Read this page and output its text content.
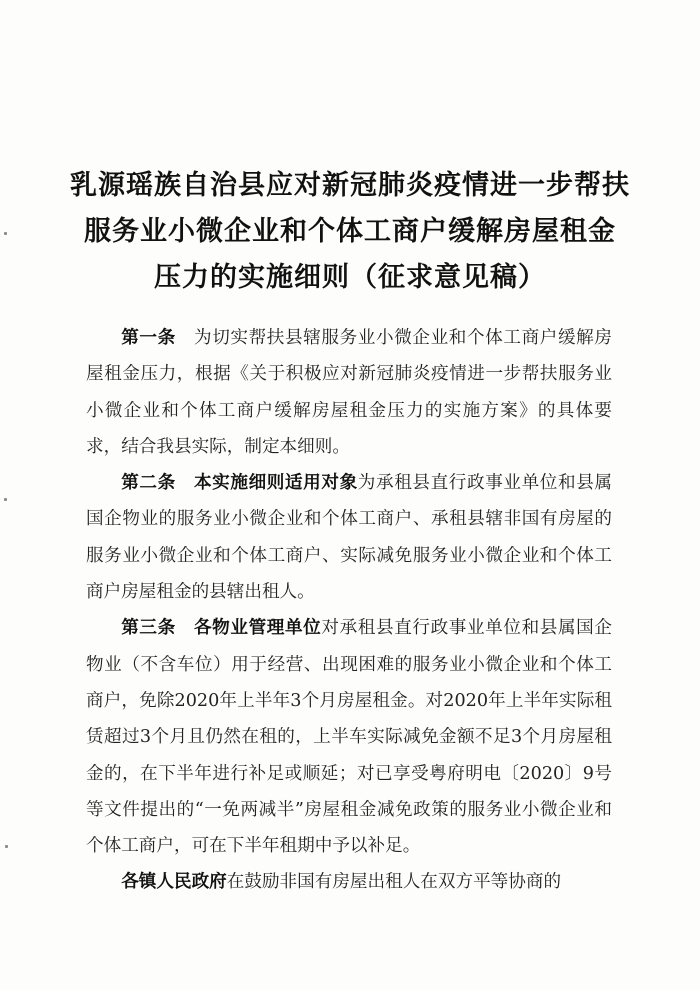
乳源瑶族自治县应对新冠肺炎疫情进一步帮扶
服务业小微企业和个体工商户缓解房屋租金
压力的实施细则（征求意见稿）

第一条　 为切实帮扶县辖服务业小微企业和个体工商户缓解房屋租金压力，根据《关于积极应对新冠肺炎疫情进一步帮扶服务业小微企业和个体工商户缓解房屋租金压力的实施方案》的具体要求，结合我县实际，制定本细则。

第二条　本实施细则适用对象为承租县直行政事业单位和县属国企物业的服务业小微企业和个体工商户、承租县辖非国有房屋的服务业小微企业和个体工商户、实际减免服务业小微企业和个体工商户房屋租金的县辖出租人。

第三条　各物业管理单位对承租县直行政事业单位和县属国企物业（不含车位）用于经营、出现困难的服务业小微企业和个体工商户，免除2020年上半年3个月房屋租金。对2020年上半年实际租赁超过3个月且仍然在租的，上半车实际减免金额不足3个月房屋租金的，在下半年进行补足或顺延；对已享受粤府明电〔2020〕9号等文件提出的“一免两减半”房屋租金减免政策的服务业小微企业和个体工商户，可在下半年租期中予以补足。

各镇人民政府在鼓励非国有房屋出租人在双方平等协商的
